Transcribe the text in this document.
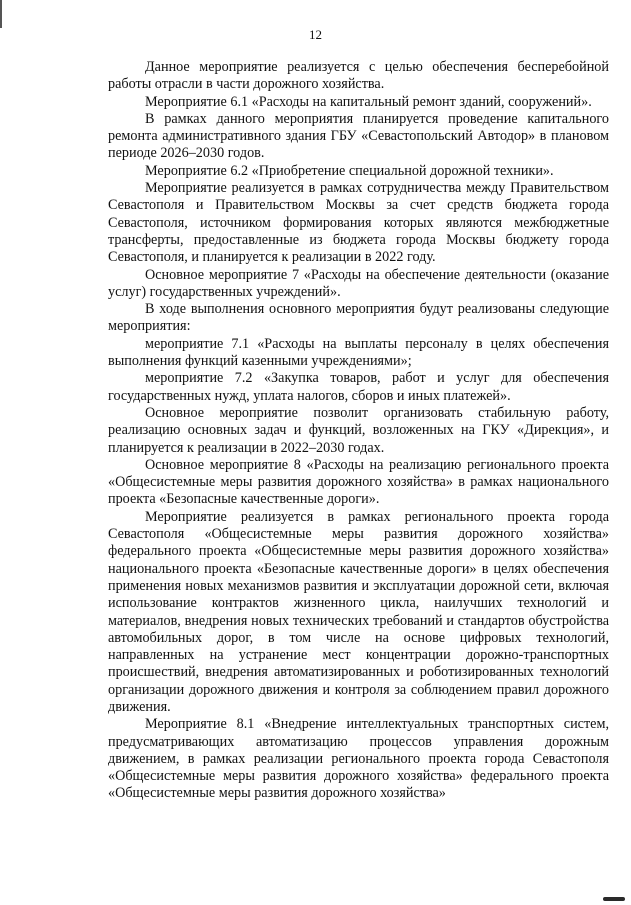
12

Данное мероприятие реализуется с целью обеспечения бесперебойной работы отрасли в части дорожного хозяйства.

Мероприятие 6.1 «Расходы на капитальный ремонт зданий, сооружений».

В рамках данного мероприятия планируется проведение капитального ремонта административного здания ГБУ «Севастопольский Автодор» в плановом периоде 2026–2030 годов.

Мероприятие 6.2 «Приобретение специальной дорожной техники».

Мероприятие реализуется в рамках сотрудничества между Правительством Севастополя и Правительством Москвы за счет средств бюджета города Севастополя, источником формирования которых являются межбюджетные трансферты, предоставленные из бюджета города Москвы бюджету города Севастополя, и планируется к реализации в 2022 году.

Основное мероприятие 7 «Расходы на обеспечение деятельности (оказание услуг) государственных учреждений».

В ходе выполнения основного мероприятия будут реализованы следующие мероприятия:

мероприятие 7.1 «Расходы на выплаты персоналу в целях обеспечения выполнения функций казенными учреждениями»;

мероприятие 7.2 «Закупка товаров, работ и услуг для обеспечения государственных нужд, уплата налогов, сборов и иных платежей».

Основное мероприятие позволит организовать стабильную работу, реализацию основных задач и функций, возложенных на ГКУ «Дирекция», и планируется к реализации в 2022–2030 годах.

Основное мероприятие 8 «Расходы на реализацию регионального проекта «Общесистемные меры развития дорожного хозяйства» в рамках национального проекта «Безопасные качественные дороги».

Мероприятие реализуется в рамках регионального проекта города Севастополя «Общесистемные меры развития дорожного хозяйства» федерального проекта «Общесистемные меры развития дорожного хозяйства» национального проекта «Безопасные качественные дороги» в целях обеспечения применения новых механизмов развития и эксплуатации дорожной сети, включая использование контрактов жизненного цикла, наилучших технологий и материалов, внедрения новых технических требований и стандартов обустройства автомобильных дорог, в том числе на основе цифровых технологий, направленных на устранение мест концентрации дорожно-транспортных происшествий, внедрения автоматизированных и роботизированных технологий организации дорожного движения и контроля за соблюдением правил дорожного движения.

Мероприятие 8.1 «Внедрение интеллектуальных транспортных систем, предусматривающих автоматизацию процессов управления дорожным движением, в рамках реализации регионального проекта города Севастополя «Общесистемные меры развития дорожного хозяйства» федерального проекта «Общесистемные меры развития дорожного хозяйства»
